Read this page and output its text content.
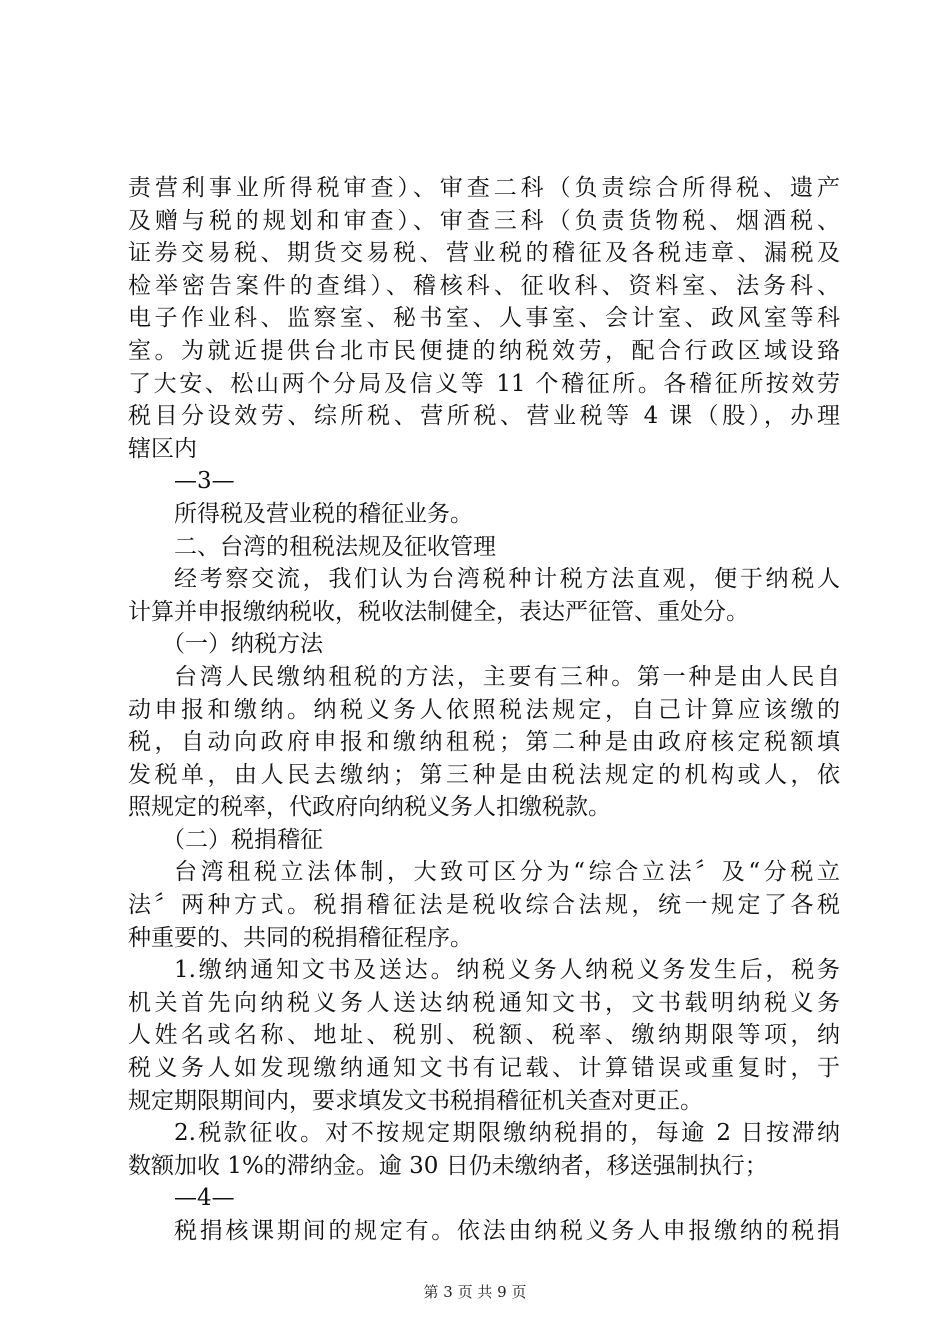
责营利事业所得税审查）、审查二科（负责综合所得税、遗产
及赠与税的规划和审查）、审查三科（负责货物税、烟酒税、
证券交易税、期货交易税、营业税的稽征及各税违章、漏税及
检举密告案件的查缉）、稽核科、征收科、资料室、法务科、
电子作业科、监察室、秘书室、人事室、会计室、政风室等科
室。为就近提供台北市民便捷的纳税效劳，配合行政区域设臵
了大安、松山两个分局及信义等 11 个稽征所。各稽征所按效劳
税目分设效劳、综所税、营所税、营业税等 4 课（股），办理
辖区内
—3—
所得税及营业税的稽征业务。
二、台湾的租税法规及征收管理
经考察交流，我们认为台湾税种计税方法直观，便于纳税人
计算并申报缴纳税收，税收法制健全，表达严征管、重处分。
（一）纳税方法
台湾人民缴纳租税的方法，主要有三种。第一种是由人民自
动申报和缴纳。纳税义务人依照税法规定，自己计算应该缴的
税，自动向政府申报和缴纳租税；第二种是由政府核定税额填
发税单，由人民去缴纳；第三种是由税法规定的机构或人，依
照规定的税率，代政府向纳税义务人扣缴税款。
（二）税捐稽征
台湾租税立法体制，大致可区分为“综合立法〞及“分税立
法〞两种方式。税捐稽征法是税收综合法规，统一规定了各税
种重要的、共同的税捐稽征程序。
1.缴纳通知文书及送达。纳税义务人纳税义务发生后，税务
机关首先向纳税义务人送达纳税通知文书，文书载明纳税义务
人姓名或名称、地址、税别、税额、税率、缴纳期限等项，纳
税义务人如发现缴纳通知文书有记载、计算错误或重复时，于
规定期限期间内，要求填发文书税捐稽征机关查对更正。
2.税款征收。对不按规定期限缴纳税捐的，每逾 2 日按滞纳
数额加收 1%的滞纳金。逾 30 日仍未缴纳者，移送强制执行；
—4—
税捐核课期间的规定有。依法由纳税义务人申报缴纳的税捐
第 3 页 共 9 页
